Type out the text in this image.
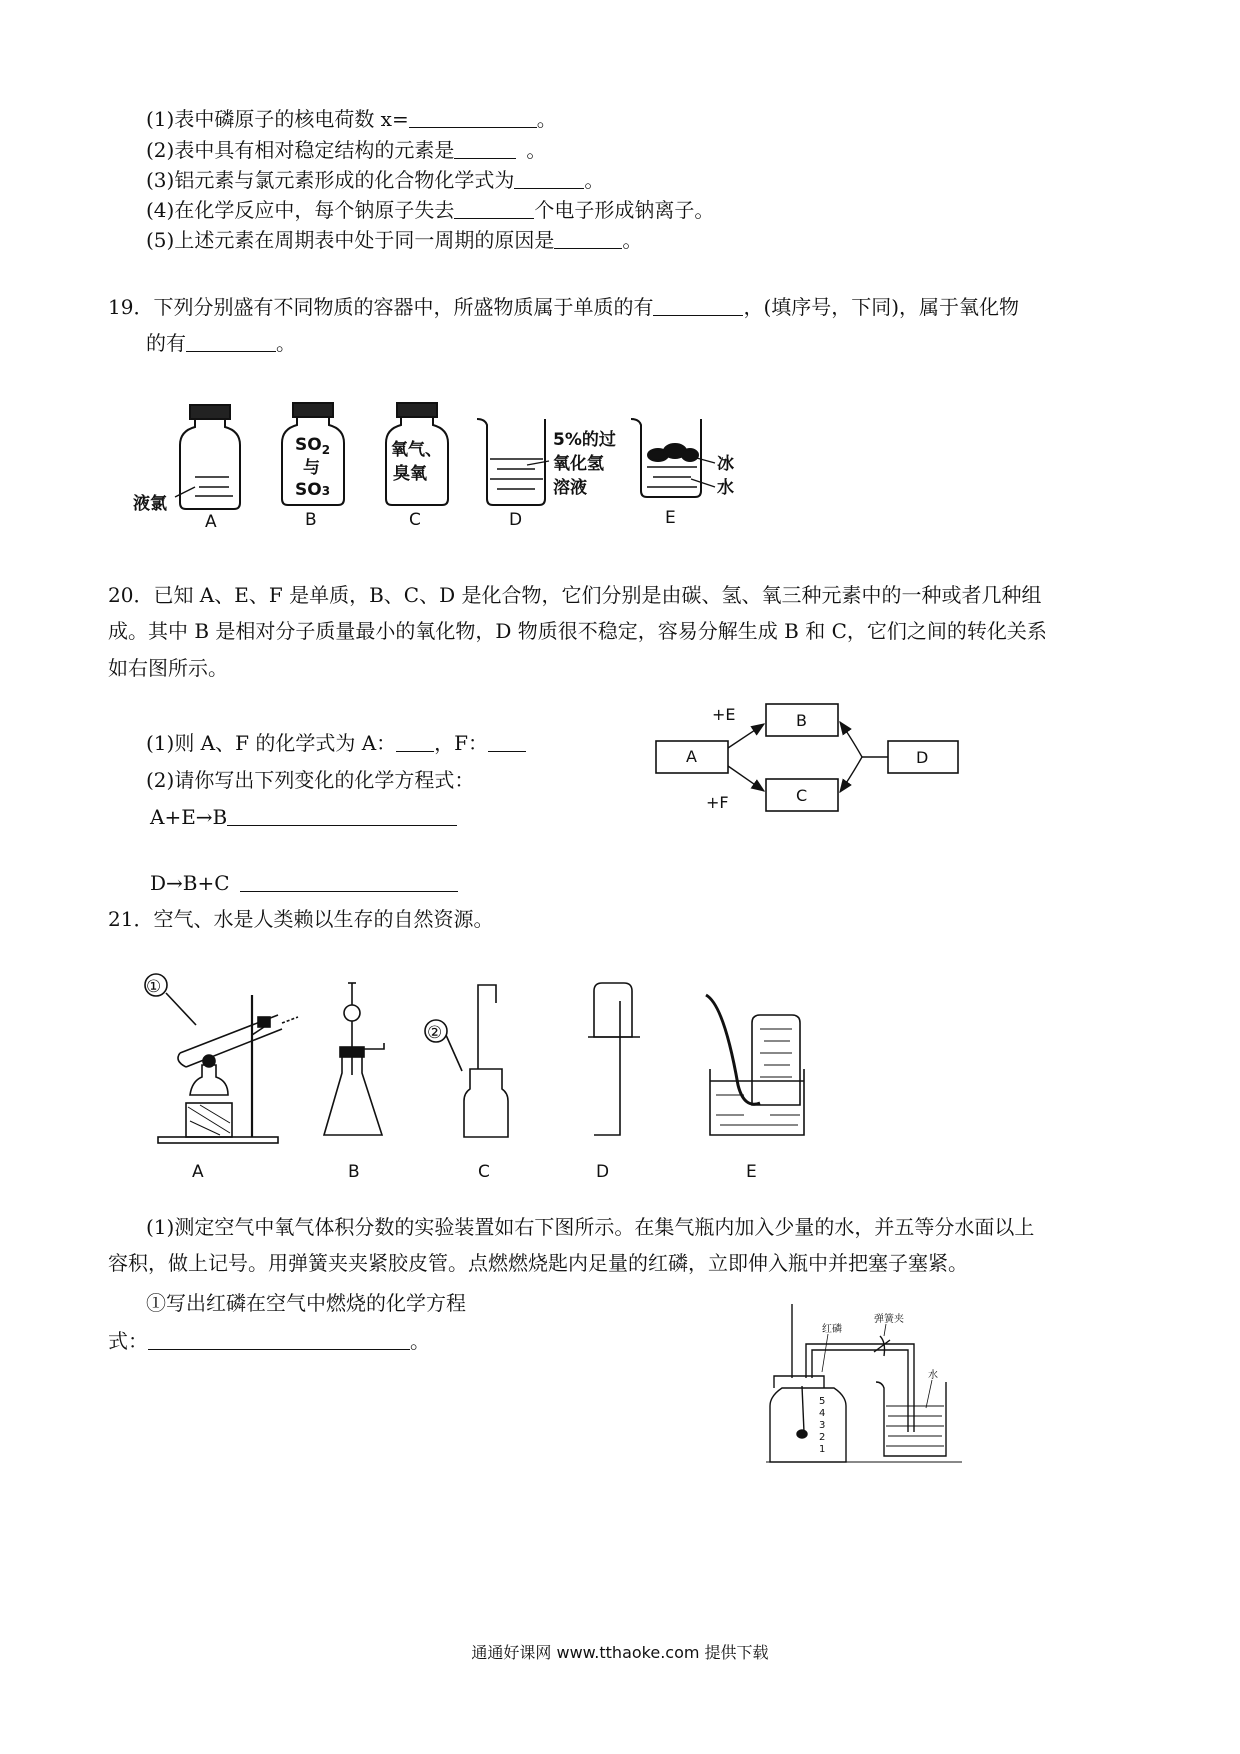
(1)表中磷原子的核电荷数 x=	。
(2)表中具有相对稳定结构的元素是	。
(3)铝元素与氯元素形成的化合物化学式为	。
(4)在化学反应中，每个钠原子失去	个电子形成钠离子。
(5)上述元素在周期表中处于同一周期的原因是	。
19．下列分别盛有不同物质的容器中，所盛物质属于单质的有	，(填序号，下同)，属于氧化物
的有	。
液氯
$SO_2$
与
SO3
氧气、
臭氧
5%的过
氧化氢
溶液
冰
水
A	B	C	D	E
20．已知 A、E、F 是单质，B、C、D 是化合物，它们分别是由碳、氢、氧三种元素中的一种或者几种组
成。其中 B 是相对分子质量最小的氧化物，D 物质很不稳定，容易分解生成 B 和 C，它们之间的转化关系
如右图所示。
(1)则 A、F 的化学式为 A： ，F：
(2)请你写出下列变化的化学方程式：
A+E→B
D→B+C
A
B
C
D
+E
+F
21．空气、水是人类赖以生存的自然资源。
①
②
A	B	C	D	E
(1)测定空气中氧气体积分数的实验装置如右下图所示。在集气瓶内加入少量的水，并五等分水面以上
容积，做上记号。用弹簧夹夹紧胶皮管。点燃燃烧匙内足量的红磷，立即伸入瓶中并把塞子塞紧。
①写出红磷在空气中燃烧的化学方程
式：	。
弹簧夹
红磷
水
5
4
3
2
1
通通好课网 www.tthaoke.com 提供下载
